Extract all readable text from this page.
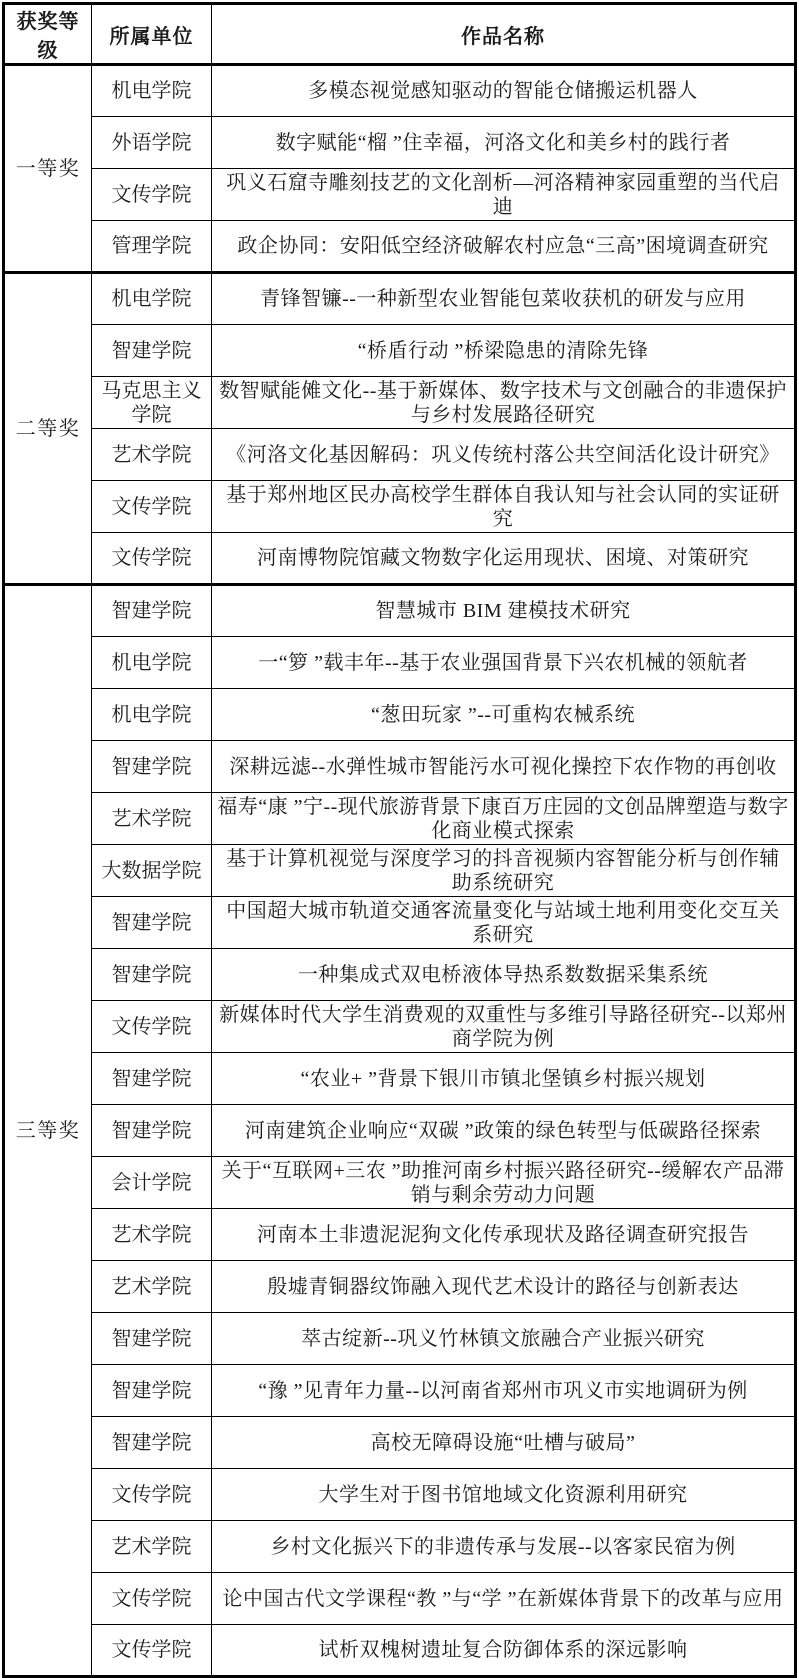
获奖等级	所属单位	作品名称
一等奖	机电学院	多模态视觉感知驱动的智能仓储搬运机器人
	外语学院	数字赋能“榴 ”住幸福，河洛文化和美乡村的践行者
	文传学院	巩义石窟寺雕刻技艺的文化剖析—河洛精神家园重塑的当代启迪
	管理学院	政企协同：安阳低空经济破解农村应急“三高”困境调查研究
二等奖	机电学院	青锋智镰--一种新型农业智能包菜收获机的研发与应用
	智建学院	“桥盾行动 ”桥梁隐患的清除先锋
	马克思主义学院	数智赋能傩文化--基于新媒体、数字技术与文创融合的非遗保护与乡村发展路径研究
	艺术学院	《河洛文化基因解码：巩义传统村落公共空间活化设计研究》
	文传学院	基于郑州地区民办高校学生群体自我认知与社会认同的实证研究
	文传学院	河南博物院馆藏文物数字化运用现状、困境、对策研究
三等奖	智建学院	智慧城市 BIM 建模技术研究
	机电学院	一“箩 ”载丰年--基于农业强国背景下兴农机械的领航者
	机电学院	“葱田玩家 ”--可重构农械系统
	智建学院	深耕远滤--水弹性城市智能污水可视化操控下农作物的再创收
	艺术学院	福寿“康 ”宁--现代旅游背景下康百万庄园的文创品牌塑造与数字化商业模式探索
	大数据学院	基于计算机视觉与深度学习的抖音视频内容智能分析与创作辅助系统研究
	智建学院	中国超大城市轨道交通客流量变化与站域土地利用变化交互关系研究
	智建学院	一种集成式双电桥液体导热系数数据采集系统
	文传学院	新媒体时代大学生消费观的双重性与多维引导路径研究--以郑州商学院为例
	智建学院	“农业+ ”背景下银川市镇北堡镇乡村振兴规划
	智建学院	河南建筑企业响应“双碳 ”政策的绿色转型与低碳路径探索
	会计学院	关于“互联网+三农 ”助推河南乡村振兴路径研究--缓解农产品滞销与剩余劳动力问题
	艺术学院	河南本土非遗泥泥狗文化传承现状及路径调查研究报告
	艺术学院	殷墟青铜器纹饰融入现代艺术设计的路径与创新表达
	智建学院	萃古绽新--巩义竹林镇文旅融合产业振兴研究
	智建学院	“豫 ”见青年力量--以河南省郑州市巩义市实地调研为例
	智建学院	高校无障碍设施“吐槽与破局”
	文传学院	大学生对于图书馆地域文化资源利用研究
	艺术学院	乡村文化振兴下的非遗传承与发展--以客家民宿为例
	文传学院	论中国古代文学课程“教 ”与“学 ”在新媒体背景下的改革与应用
	文传学院	试析双槐树遗址复合防御体系的深远影响
